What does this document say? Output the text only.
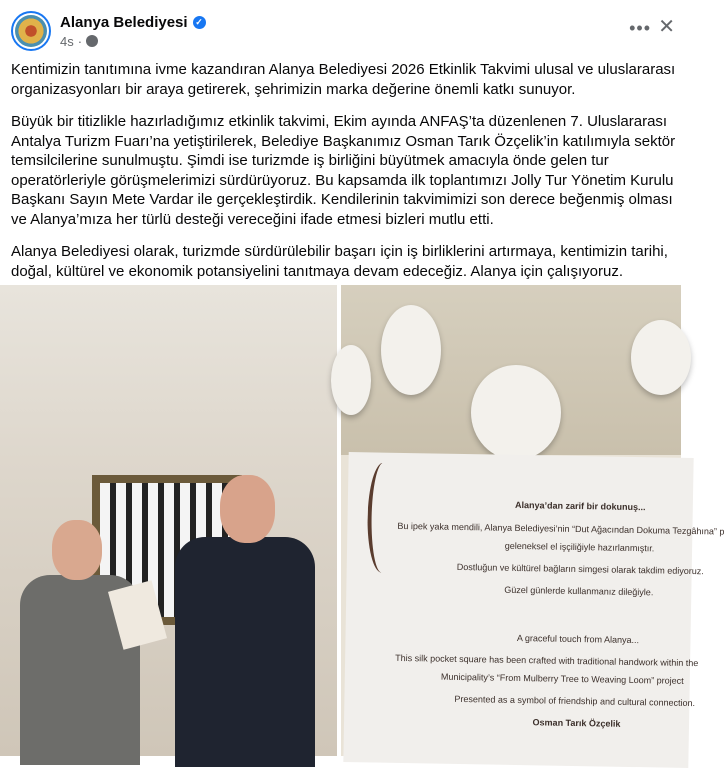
Alanya Belediyesi ✓
4s ·
••• ✕

Kentimizin tanıtımına ivme kazandıran Alanya Belediyesi 2026 Etkinlik Takvimi ulusal ve uluslararası organizasyonları bir araya getirerek, şehrimizin marka değerine önemli katkı sunuyor.

Büyük bir titizlikle hazırladığımız etkinlik takvimi, Ekim ayında ANFAŞ’ta düzenlenen 7. Uluslararası Antalya Turizm Fuarı’na yetiştirilerek, Belediye Başkanımız Osman Tarık Özçelik’in katılımıyla sektör temsilcilerine sunulmuştu. Şimdi ise turizmde iş birliğini büyütmek amacıyla önde gelen tur operatörleriyle görüşmelerimizi sürdürüyoruz. Bu kapsamda ilk toplantımızı Jolly Tur Yönetim Kurulu Başkanı Sayın Mete Vardar ile gerçekleştirdik. Kendilerinin takvimimizi son derece beğenmiş olması ve Alanya’mıza her türlü desteği vereceğini ifade etmesi bizleri mutlu etti.

Alanya Belediyesi olarak, turizmde sürdürülebilir başarı için iş birliklerini artırmaya, kentimizin tarihi, doğal, kültürel ve ekonomik potansiyelini tanıtmaya devam edeceğiz. Alanya için çalışıyoruz.

Alanya’dan zarif bir dokunuş...
Bu ipek yaka mendili, Alanya Belediyesi’nin “Dut Ağacından Dokuma Tezgâhına” p
geleneksel el işçiliğiyle hazırlanmıştır.
Dostluğun ve kültürel bağların simgesi olarak takdim ediyoruz.
Güzel günlerde kullanmanız dileğiyle.
A graceful touch from Alanya...
This silk pocket square has been crafted with traditional handwork within the
Municipality’s “From Mulberry Tree to Weaving Loom” project
Presented as a symbol of friendship and cultural connection.
Osman Tarık Özçelik
